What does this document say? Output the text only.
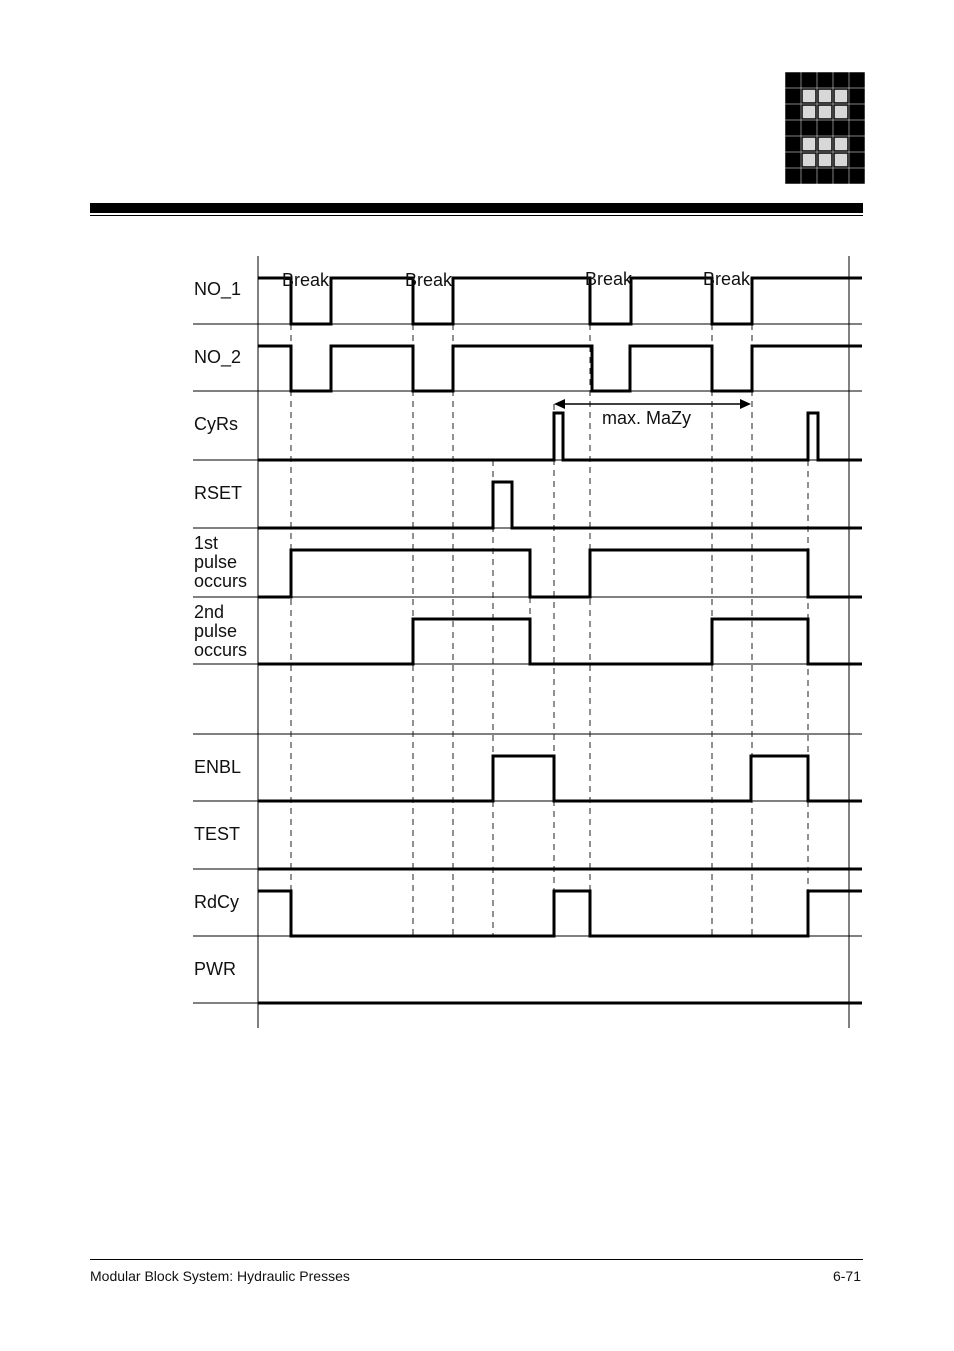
NO_1
NO_2
CyRs
RSET
1st
pulse
occurs
2nd
pulse
occurs
ENBL
TEST
RdCy
PWR
Break	Break	Break	Break
max. MaZy
Modular Block System: Hydraulic Presses	6-71
